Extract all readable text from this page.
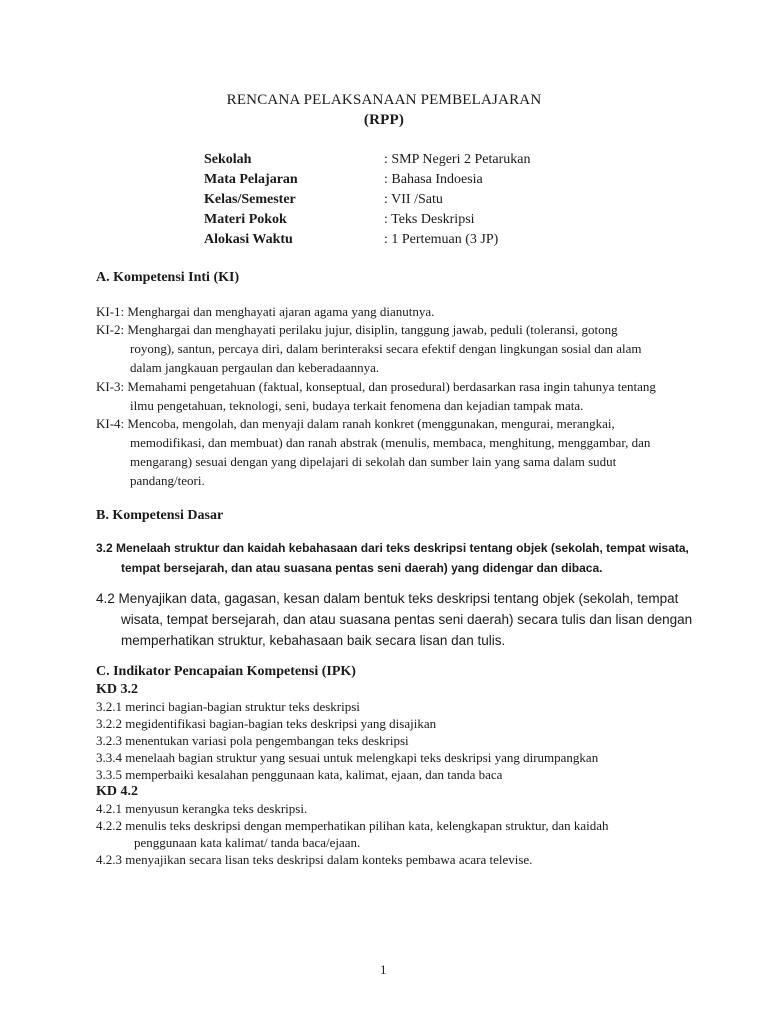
RENCANA PELAKSANAAN PEMBELAJARAN
(RPP)
Sekolah	: SMP Negeri 2 Petarukan
Mata Pelajaran	: Bahasa Indoesia
Kelas/Semester	: VII /Satu
Materi Pokok	: Teks Deskripsi
Alokasi Waktu	: 1 Pertemuan (3 JP)
A. Kompetensi Inti (KI)
KI-1: Menghargai dan menghayati ajaran agama yang dianutnya.
KI-2: Menghargai dan menghayati perilaku jujur, disiplin, tanggung jawab, peduli (toleransi, gotong
royong), santun, percaya diri, dalam berinteraksi secara efektif dengan lingkungan sosial dan alam
dalam jangkauan pergaulan dan keberadaannya.
KI-3: Memahami pengetahuan (faktual, konseptual, dan prosedural) berdasarkan rasa ingin tahunya tentang
ilmu pengetahuan, teknologi, seni, budaya terkait fenomena dan kejadian tampak mata.
KI-4: Mencoba, mengolah, dan menyaji dalam ranah konkret (menggunakan, mengurai, merangkai,
memodifikasi, dan membuat) dan ranah abstrak (menulis, membaca, menghitung, menggambar, dan
mengarang) sesuai dengan yang dipelajari di sekolah dan sumber lain yang sama dalam sudut
pandang/teori.
B. Kompetensi Dasar
3.2 Menelaah struktur dan kaidah kebahasaan dari teks deskripsi tentang objek (sekolah, tempat wisata,
tempat bersejarah, dan atau suasana pentas seni daerah) yang didengar dan dibaca.
4.2 Menyajikan data, gagasan, kesan dalam bentuk teks deskripsi tentang objek (sekolah, tempat
wisata, tempat bersejarah, dan atau suasana pentas seni daerah) secara tulis dan lisan dengan
memperhatikan struktur, kebahasaan baik secara lisan dan tulis.
C. Indikator Pencapaian Kompetensi (IPK)
KD 3.2
3.2.1 merinci bagian-bagian struktur teks deskripsi
3.2.2 megidentifikasi bagian-bagian teks deskripsi yang disajikan
3.2.3 menentukan variasi pola pengembangan teks deskripsi
3.3.4 menelaah bagian struktur yang sesuai untuk melengkapi teks deskripsi yang dirumpangkan
3.3.5 memperbaiki kesalahan penggunaan kata, kalimat, ejaan, dan tanda baca
KD 4.2
4.2.1 menyusun kerangka teks deskripsi.
4.2.2 menulis teks deskripsi dengan memperhatikan pilihan kata, kelengkapan struktur, dan kaidah
penggunaan kata kalimat/ tanda baca/ejaan.
4.2.3 menyajikan secara lisan teks deskripsi dalam konteks pembawa acara televise.
1
